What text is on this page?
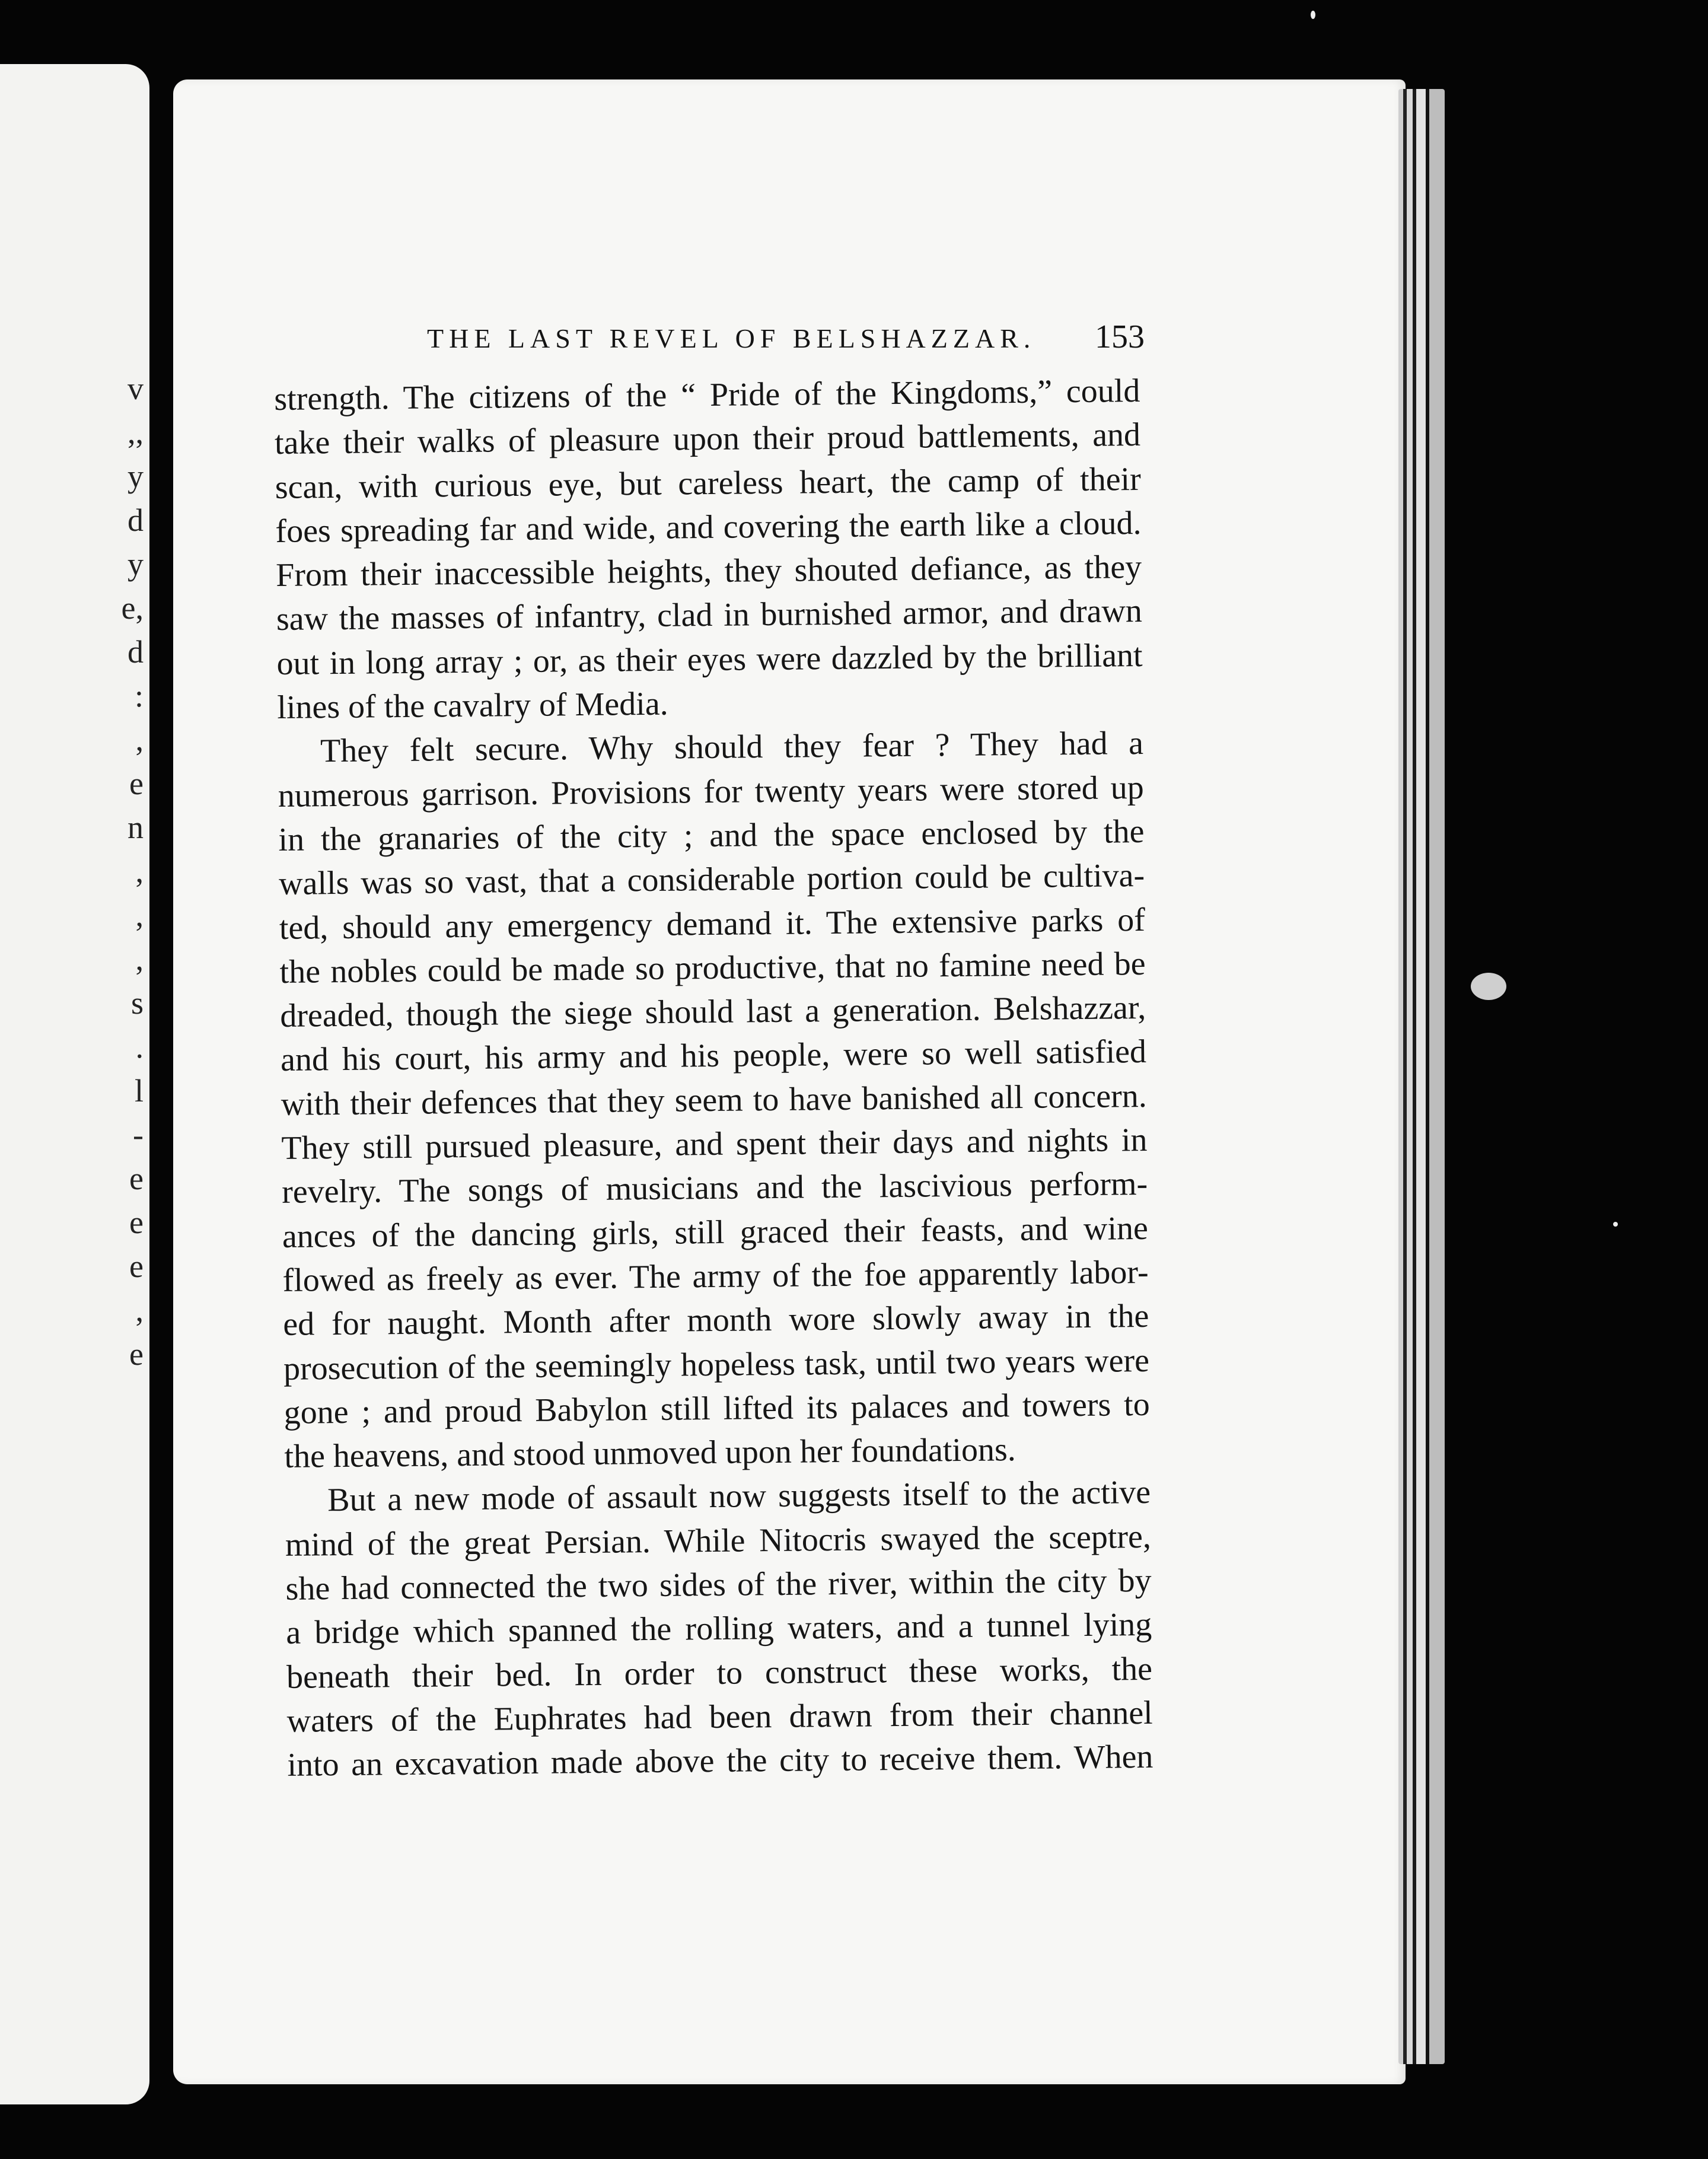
v
,,
y
d
y
e,
d
:
,
e
n
,
,
,
s
.
l
-
e
e
e
,
e
THE LAST REVEL OF BELSHAZZAR. 153
strength. The citizens of the “ Pride of the Kingdoms,” could
take their walks of pleasure upon their proud battlements, and
scan, with curious eye, but careless heart, the camp of their
foes spreading far and wide, and covering the earth like a cloud.
From their inaccessible heights, they shouted defiance, as they
saw the masses of infantry, clad in burnished armor, and drawn
out in long array ; or, as their eyes were dazzled by the brilliant
lines of the cavalry of Media.
They felt secure. Why should they fear ? They had a
numerous garrison. Provisions for twenty years were stored up
in the granaries of the city ; and the space enclosed by the
walls was so vast, that a considerable portion could be cultiva-
ted, should any emergency demand it. The extensive parks of
the nobles could be made so productive, that no famine need be
dreaded, though the siege should last a generation. Belshazzar,
and his court, his army and his people, were so well satisfied
with their defences that they seem to have banished all concern.
They still pursued pleasure, and spent their days and nights in
revelry. The songs of musicians and the lascivious perform-
ances of the dancing girls, still graced their feasts, and wine
flowed as freely as ever. The army of the foe apparently labor-
ed for naught. Month after month wore slowly away in the
prosecution of the seemingly hopeless task, until two years were
gone ; and proud Babylon still lifted its palaces and towers to
the heavens, and stood unmoved upon her foundations.
But a new mode of assault now suggests itself to the active
mind of the great Persian. While Nitocris swayed the sceptre,
she had connected the two sides of the river, within the city by
a bridge which spanned the rolling waters, and a tunnel lying
beneath their bed. In order to construct these works, the
waters of the Euphrates had been drawn from their channel
into an excavation made above the city to receive them. When
